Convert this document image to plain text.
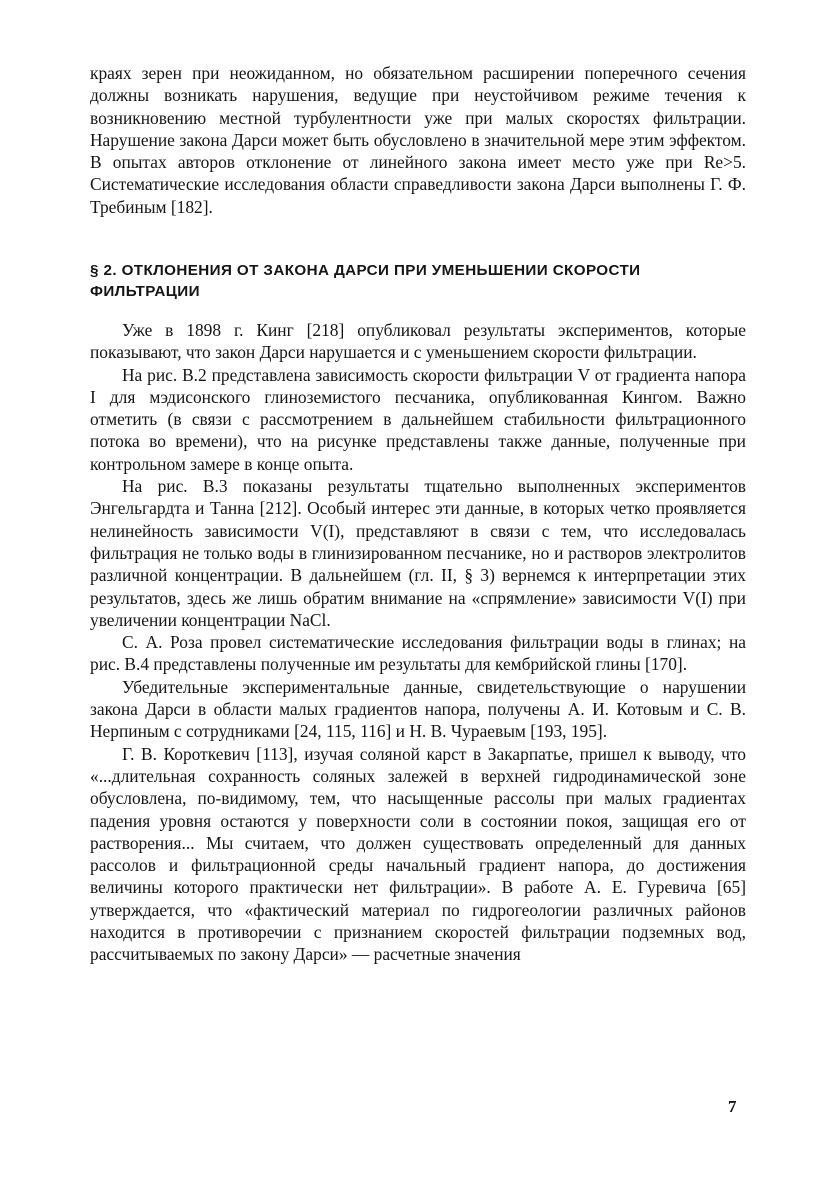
краях зерен при неожиданном, но обязательном расширении поперечного сечения должны возникать нарушения, ведущие при неустойчивом режиме течения к возникновению местной турбулентности уже при малых скоростях фильтрации. Нарушение закона Дарси может быть обусловлено в значительной мере этим эффектом. В опытах авторов отклонение от линейного закона имеет место уже при Re>5. Систематические исследования области справедливости закона Дарси выполнены Г. Ф. Требиным [182].

§ 2. ОТКЛОНЕНИЯ ОТ ЗАКОНА ДАРСИ ПРИ УМЕНЬШЕНИИ СКОРОСТИ ФИЛЬТРАЦИИ

Уже в 1898 г. Кинг [218] опубликовал результаты экспериментов, которые показывают, что закон Дарси нарушается и с уменьшением скорости фильтрации.

На рис. В.2 представлена зависимость скорости фильтрации V от градиента напора I для мэдисонского глиноземистого песчаника, опубликованная Кингом. Важно отметить (в связи с рассмотрением в дальнейшем стабильности фильтрационного потока во времени), что на рисунке представлены также данные, полученные при контрольном замере в конце опыта.

На рис. В.3 показаны результаты тщательно выполненных экспериментов Энгельгардта и Танна [212]. Особый интерес эти данные, в которых четко проявляется нелинейность зависимости V(I), представляют в связи с тем, что исследовалась фильтрация не только воды в глинизированном песчанике, но и растворов электролитов различной концентрации. В дальнейшем (гл. II, § 3) вернемся к интерпретации этих результатов, здесь же лишь обратим внимание на «спрямление» зависимости V(I) при увеличении концентрации NaCl.

С. А. Роза провел систематические исследования фильтрации воды в глинах; на рис. В.4 представлены полученные им результаты для кембрийской глины [170].

Убедительные экспериментальные данные, свидетельствующие о нарушении закона Дарси в области малых градиентов напора, получены А. И. Котовым и С. В. Нерпиным с сотрудниками [24, 115, 116] и Н. В. Чураевым [193, 195].

Г. В. Короткевич [113], изучая соляной карст в Закарпатье, пришел к выводу, что «...длительная сохранность соляных залежей в верхней гидродинамической зоне обусловлена, по-видимому, тем, что насыщенные рассолы при малых градиентах падения уровня остаются у поверхности соли в состоянии покоя, защищая его от растворения... Мы считаем, что должен существовать определенный для данных рассолов и фильтрационной среды начальный градиент напора, до достижения величины которого практически нет фильтрации». В работе А. Е. Гуревича [65] утверждается, что «фактический материал по гидрогеологии различных районов находится в противоречии с признанием скоростей фильтрации подземных вод, рассчитываемых по закону Дарси» — расчетные значения

7
